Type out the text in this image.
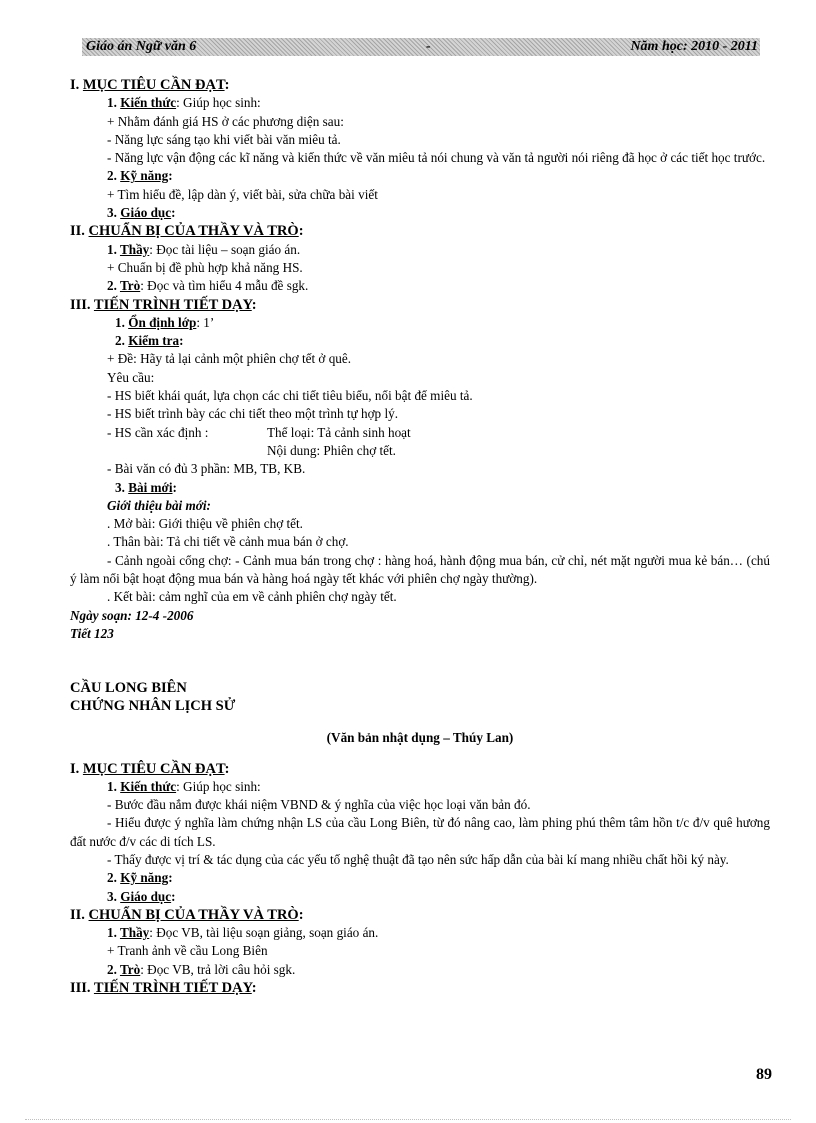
Giáo án Ngữ văn 6	-	Năm học: 2010 - 2011
I. MỤC TIÊU CẦN ĐẠT:
1. Kiến thức: Giúp học sinh:
+ Nhằm đánh giá HS ở các phương diện sau:
- Năng lực sáng tạo khi viết bài văn miêu tả.
- Năng lực vận động các kĩ năng và kiến thức về văn miêu tả nói chung và văn tả người nói riêng đã học ở các tiết học trước.
2. Kỹ năng:
+ Tìm hiểu đề, lập dàn ý, viết bài, sửa chữa bài viết
3. Giáo dục:
II. CHUẨN BỊ CỦA THẦY VÀ TRÒ:
1. Thầy: Đọc tài liệu – soạn giáo án.
+ Chuẩn bị đề phù hợp khả năng HS.
2. Trò: Đọc và tìm hiểu 4 mẫu đề sgk.
III. TIẾN TRÌNH TIẾT DẠY:
1. Ổn định lớp: 1’
2. Kiểm tra:
+ Đề: Hãy tả lại cảnh một phiên chợ tết ở quê.
Yêu cầu:
- HS biết khái quát, lựa chọn các chi tiết tiêu biểu, nổi bật để miêu tả.
- HS biết trình bày các chi tiết theo một trình tự hợp lý.
- HS cần xác định :	Thể loại: Tả cảnh sinh hoạt
Nội dung: Phiên chợ tết.
- Bài văn có đủ 3 phần: MB, TB, KB.
3. Bài mới:
Giới thiệu bài mới:
. Mở bài: Giới thiệu về phiên chợ tết.
. Thân bài: Tả chi tiết về cảnh mua bán ở chợ.
- Cảnh ngoài cổng chợ: - Cảnh mua bán trong chợ : hàng hoá, hành động mua bán, cử chỉ, nét mặt người mua kẻ bán… (chú ý làm nổi bật hoạt động mua bán và hàng hoá ngày tết khác với phiên chợ ngày thường).
. Kết bài: cảm nghĩ của em về cảnh phiên chợ ngày tết.
Ngày soạn: 12-4 -2006
Tiết 123
CẦU LONG BIÊN
CHỨNG NHÂN LỊCH SỬ
(Văn bản nhật dụng – Thúy Lan)
I. MỤC TIÊU CẦN ĐẠT:
1. Kiến thức: Giúp học sinh:
- Bước đầu nắm được khái niệm VBND & ý nghĩa của việc học loại văn bản đó.
- Hiểu được ý nghĩa làm chứng nhận LS của cầu Long Biên, từ đó nâng cao, làm phing phú thêm tâm hồn t/c đ/v quê hương đất nước đ/v các di tích LS.
- Thấy được vị trí & tác dụng của các yếu tố nghệ thuật đã tạo nên sức hấp dẫn của bài kí mang nhiều chất hồi ký này.
2. Kỹ năng:
3. Giáo dục:
II. CHUẨN BỊ CỦA THẦY VÀ TRÒ:
1. Thầy: Đọc VB, tài liệu soạn giảng, soạn giáo án.
+ Tranh ảnh về cầu Long Biên
2. Trò: Đọc VB, trả lời câu hỏi sgk.
III. TIẾN TRÌNH TIẾT DẠY:
89
